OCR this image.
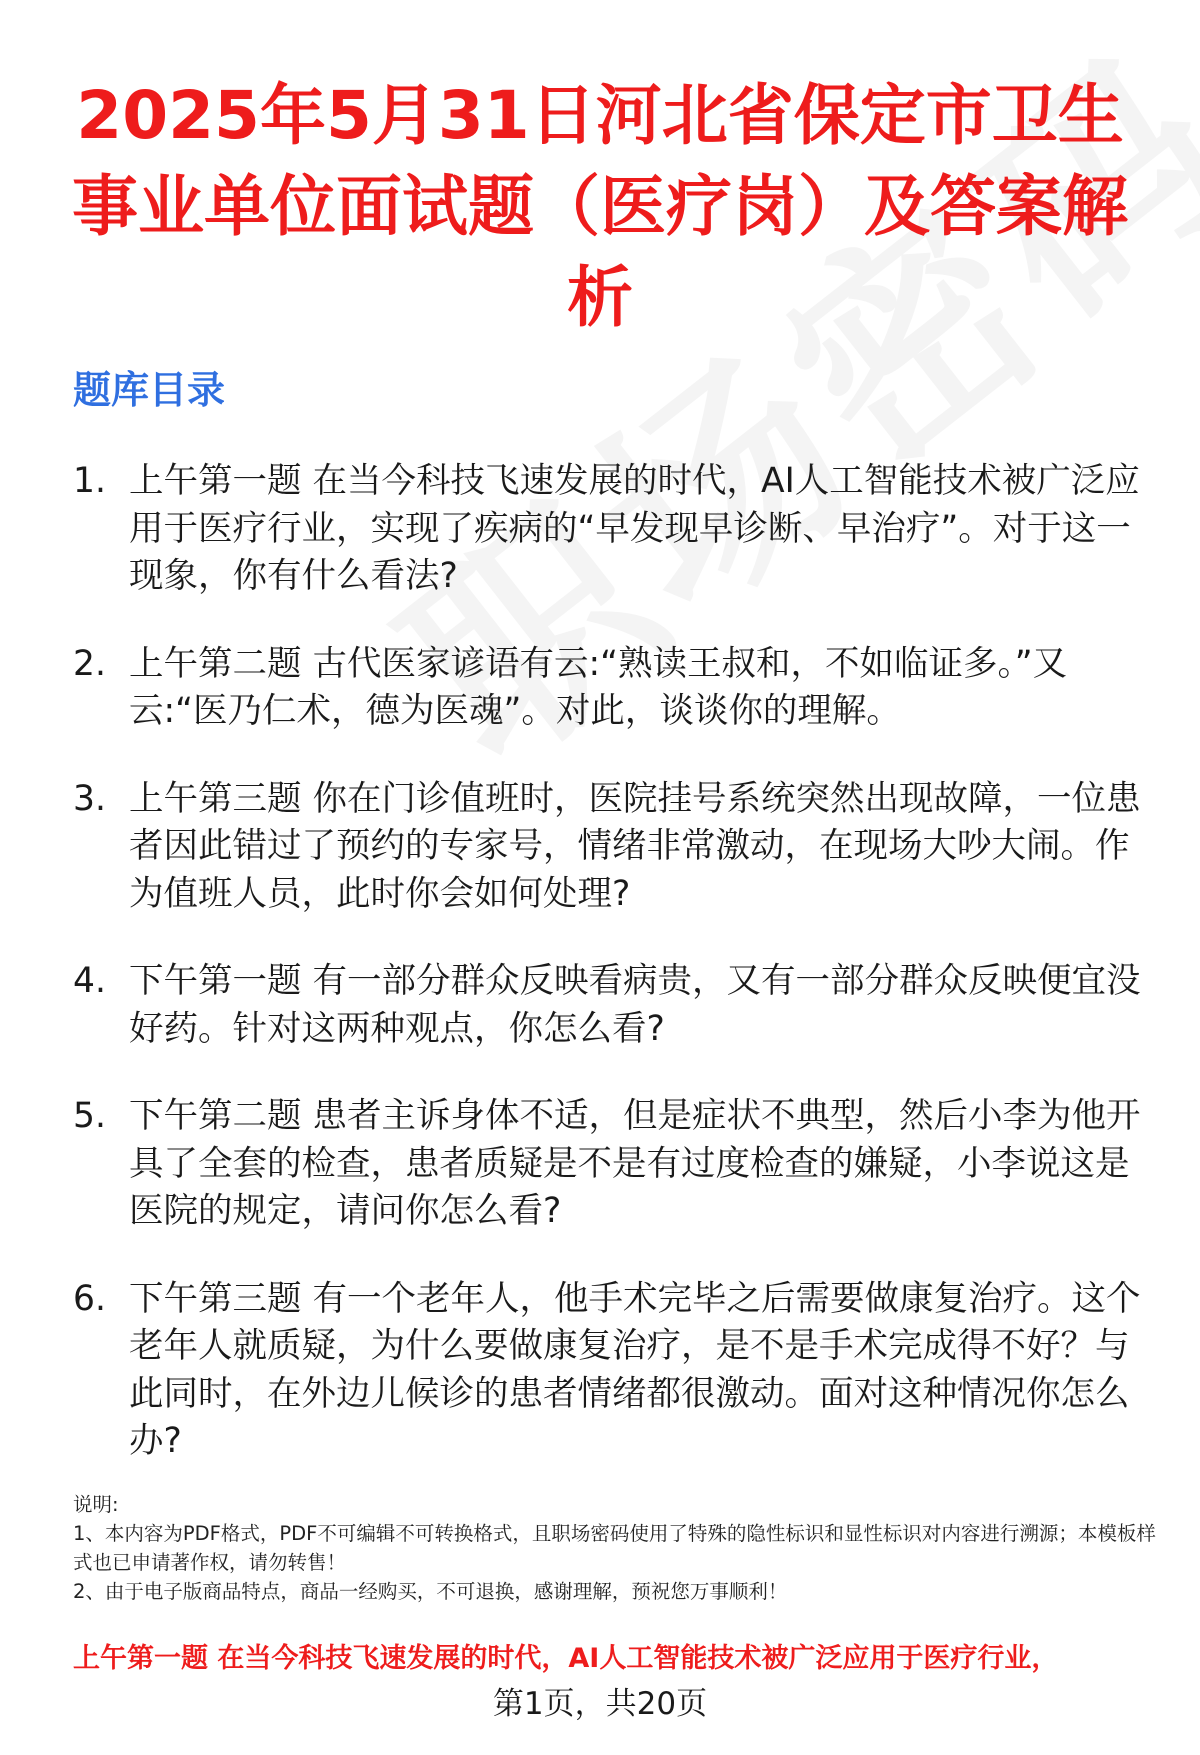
2025年5月31日河北省保定市卫生事业单位面试题（医疗岗）及答案解析
题库目录
1. 上午第一题 在当今科技飞速发展的时代，AI人工智能技术被广泛应用于医疗行业，实现了疾病的“早发现早诊断、早治疗”。对于这一现象，你有什么看法?
2. 上午第二题 古代医家谚语有云:“熟读王叔和，不如临证多。”又云:“医乃仁术，德为医魂”。对此，谈谈你的理解。
3. 上午第三题 你在门诊值班时，医院挂号系统突然出现故障，一位患者因此错过了预约的专家号，情绪非常激动，在现场大吵大闹。作为值班人员，此时你会如何处理?
4. 下午第一题 有一部分群众反映看病贵，又有一部分群众反映便宜没好药。针对这两种观点，你怎么看?
5. 下午第二题 患者主诉身体不适，但是症状不典型，然后小李为他开具了全套的检查，患者质疑是不是有过度检查的嫌疑，小李说这是医院的规定，请问你怎么看?
6. 下午第三题 有一个老年人，他手术完毕之后需要做康复治疗。这个老年人就质疑，为什么要做康复治疗，是不是手术完成得不好？与此同时，在外边儿候诊的患者情绪都很激动。面对这种情况你怎么办?
说明:
1、本内容为PDF格式，PDF不可编辑不可转换格式，且职场密码使用了特殊的隐性标识和显性标识对内容进行溯源；本模板样式也已申请著作权，请勿转售！
2、由于电子版商品特点，商品一经购买，不可退换，感谢理解，预祝您万事顺利！
上午第一题 在当今科技飞速发展的时代，AI人工智能技术被广泛应用于医疗行业，
第1页，共20页
